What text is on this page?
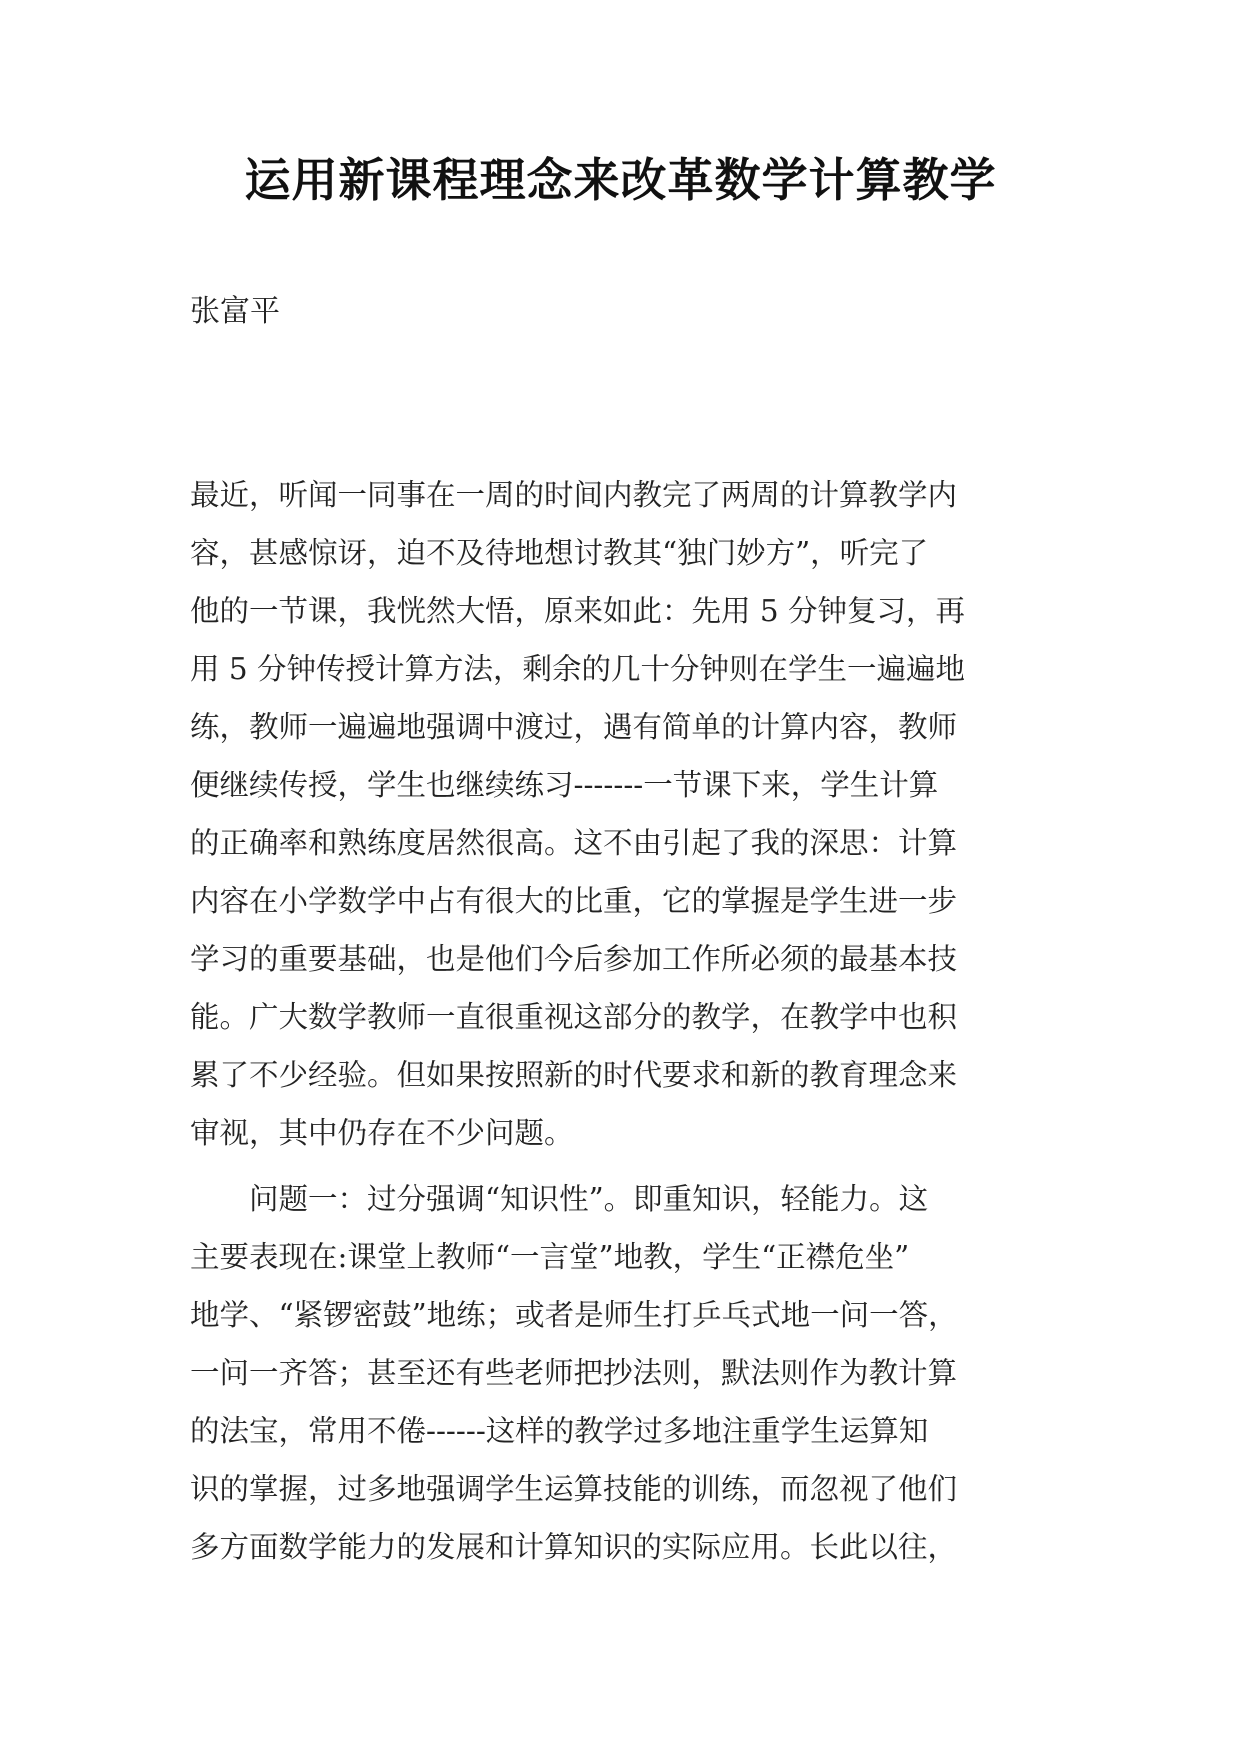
运用新课程理念来改革数学计算教学

张富平

最近，听闻一同事在一周的时间内教完了两周的计算教学内
容，甚感惊讶，迫不及待地想讨教其“独门妙方”，听完了
他的一节课，我恍然大悟，原来如此：先用 5 分钟复习，再
用 5 分钟传授计算方法，剩余的几十分钟则在学生一遍遍地
练，教师一遍遍地强调中渡过，遇有简单的计算内容，教师
便继续传授，学生也继续练习-------一节课下来，学生计算
的正确率和熟练度居然很高。这不由引起了我的深思：计算
内容在小学数学中占有很大的比重，它的掌握是学生进一步
学习的重要基础，也是他们今后参加工作所必须的最基本技
能。广大数学教师一直很重视这部分的教学，在教学中也积
累了不少经验。但如果按照新的时代要求和新的教育理念来
审视，其中仍存在不少问题。
　　问题一：过分强调“知识性”。即重知识，轻能力。这
主要表现在:课堂上教师“一言堂”地教，学生“正襟危坐”
地学、“紧锣密鼓”地练；或者是师生打乒乓式地一问一答，
一问一齐答；甚至还有些老师把抄法则，默法则作为教计算
的法宝，常用不倦------这样的教学过多地注重学生运算知
识的掌握，过多地强调学生运算技能的训练，而忽视了他们
多方面数学能力的发展和计算知识的实际应用。长此以往，
